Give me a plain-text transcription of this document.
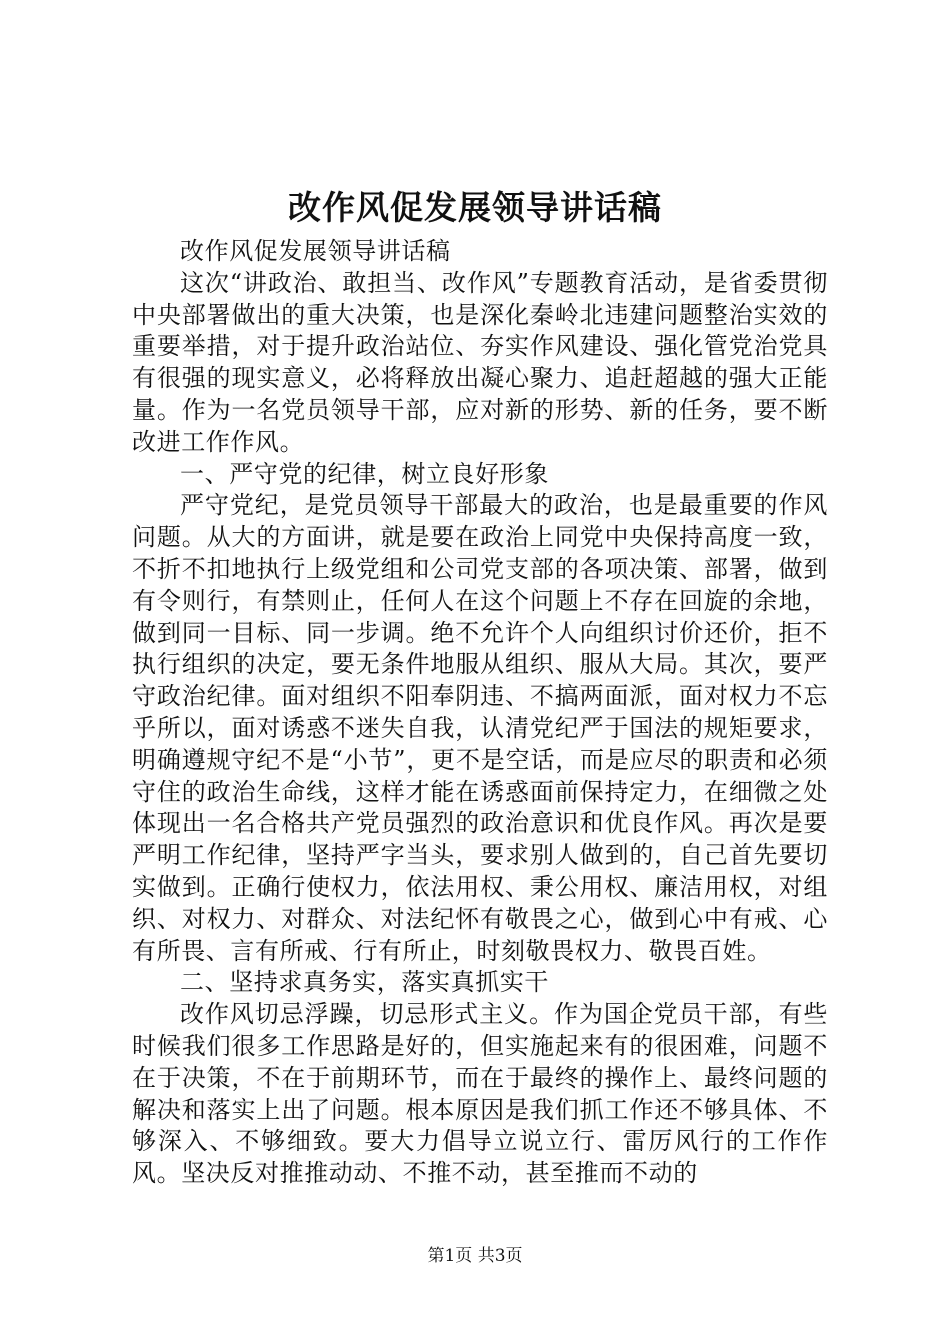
改作风促发展领导讲话稿

改作风促发展领导讲话稿

这次“讲政治、敢担当、改作风”专题教育活动，是省委贯彻中央部署做出的重大决策，也是深化秦岭北违建问题整治实效的重要举措，对于提升政治站位、夯实作风建设、强化管党治党具有很强的现实意义，必将释放出凝心聚力、追赶超越的强大正能量。作为一名党员领导干部，应对新的形势、新的任务，要不断改进工作作风。

一、严守党的纪律，树立良好形象

严守党纪，是党员领导干部最大的政治，也是最重要的作风问题。从大的方面讲，就是要在政治上同党中央保持高度一致，不折不扣地执行上级党组和公司党支部的各项决策、部署，做到有令则行，有禁则止，任何人在这个问题上不存在回旋的余地，做到同一目标、同一步调。绝不允许个人向组织讨价还价，拒不执行组织的决定，要无条件地服从组织、服从大局。其次，要严守政治纪律。面对组织不阳奉阴违、不搞两面派，面对权力不忘乎所以，面对诱惑不迷失自我，认清党纪严于国法的规矩要求，明确遵规守纪不是“小节”，更不是空话，而是应尽的职责和必须守住的政治生命线，这样才能在诱惑面前保持定力，在细微之处体现出一名合格共产党员强烈的政治意识和优良作风。再次是要严明工作纪律，坚持严字当头，要求别人做到的，自己首先要切实做到。正确行使权力，依法用权、秉公用权、廉洁用权，对组织、对权力、对群众、对法纪怀有敬畏之心，做到心中有戒、心有所畏、言有所戒、行有所止，时刻敬畏权力、敬畏百姓。

二、坚持求真务实，落实真抓实干

改作风切忌浮躁，切忌形式主义。作为国企党员干部，有些时候我们很多工作思路是好的，但实施起来有的很困难，问题不在于决策，不在于前期环节，而在于最终的操作上、最终问题的解决和落实上出了问题。根本原因是我们抓工作还不够具体、不够深入、不够细致。要大力倡导立说立行、雷厉风行的工作作风。坚决反对推推动动、不推不动，甚至推而不动的

第1页 共3页
